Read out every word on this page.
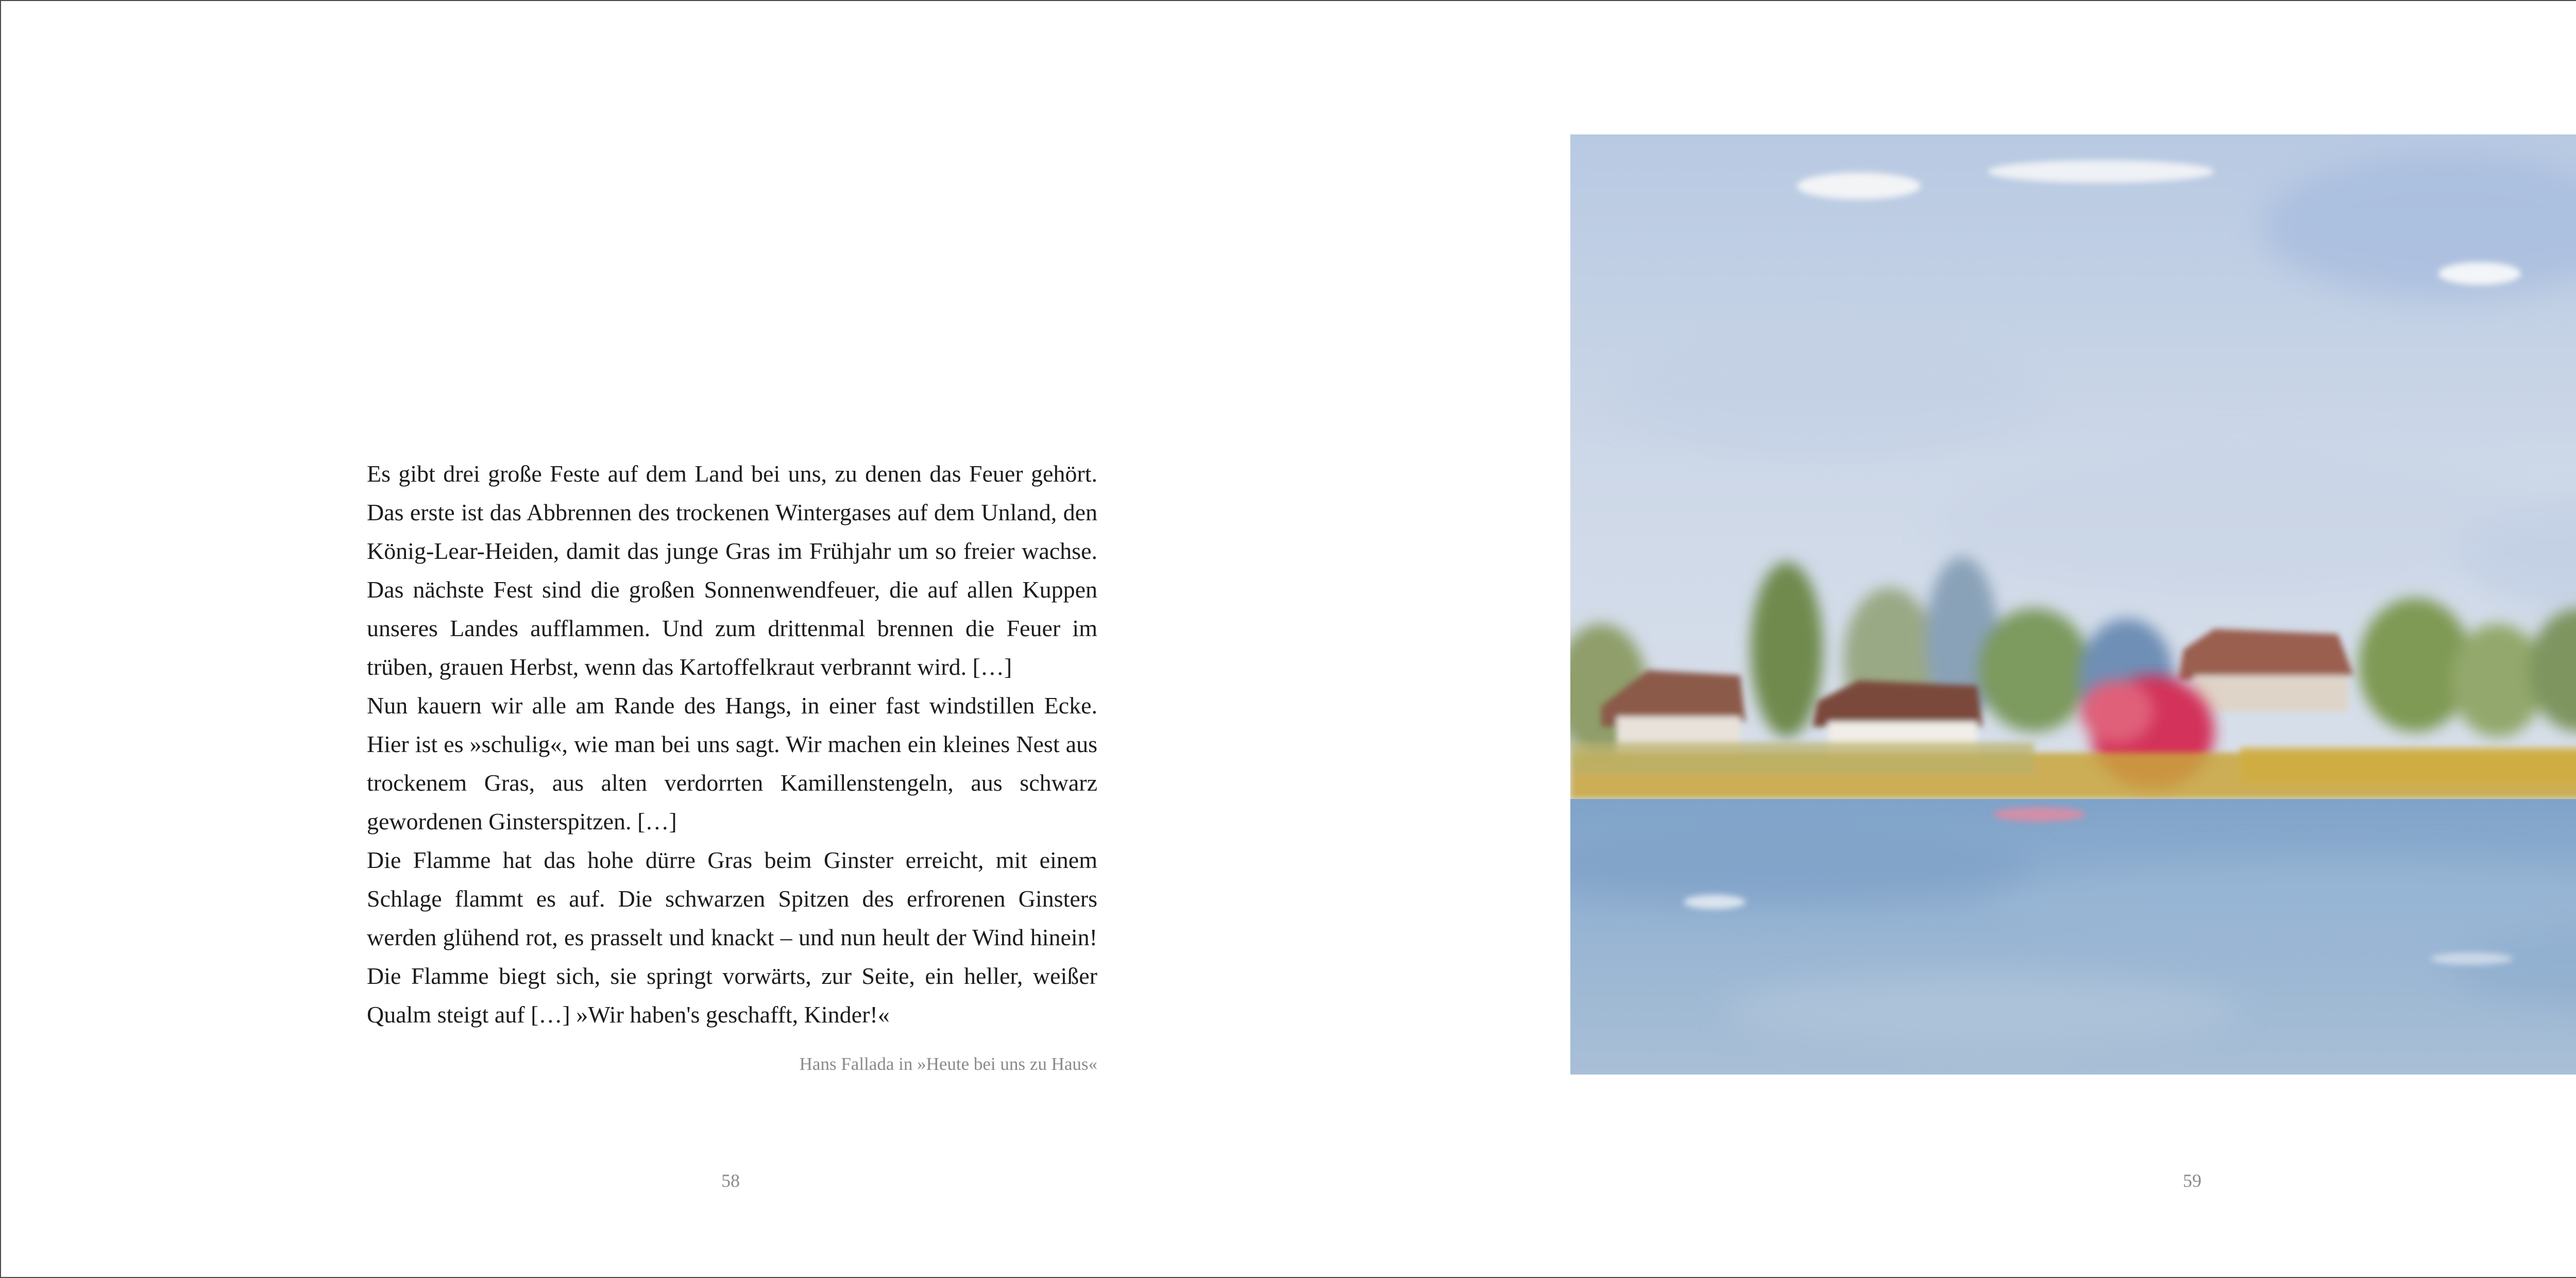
Es gibt drei große Feste auf dem Land bei uns, zu denen das Feuer gehört. Das erste ist das Abbrennen des trockenen Wintergases auf dem Unland, den König-Lear-Heiden, damit das junge Gras im Frühjahr um so freier wachse. Das nächste Fest sind die großen Sonnenwendfeuer, die auf allen Kuppen unseres Landes aufflammen. Und zum drittenmal brennen die Feuer im trüben, grauen Herbst, wenn das Kartoffelkraut verbrannt wird. […]

Nun kauern wir alle am Rande des Hangs, in einer fast windstillen Ecke. Hier ist es »schulig«, wie man bei uns sagt. Wir machen ein kleines Nest aus trockenem Gras, aus alten verdorrten Kamillenstengeln, aus schwarz gewordenen Ginsterspitzen. […]

Die Flamme hat das hohe dürre Gras beim Ginster erreicht, mit einem Schlage flammt es auf. Die schwarzen Spitzen des erfrorenen Ginsters werden glühend rot, es prasselt und knackt – und nun heult der Wind hinein! Die Flamme biegt sich, sie springt vorwärts, zur Seite, ein heller, weißer Qualm steigt auf […] »Wir haben's geschafft, Kinder!«

Hans Fallada in »Heute bei uns zu Haus«
58	59
